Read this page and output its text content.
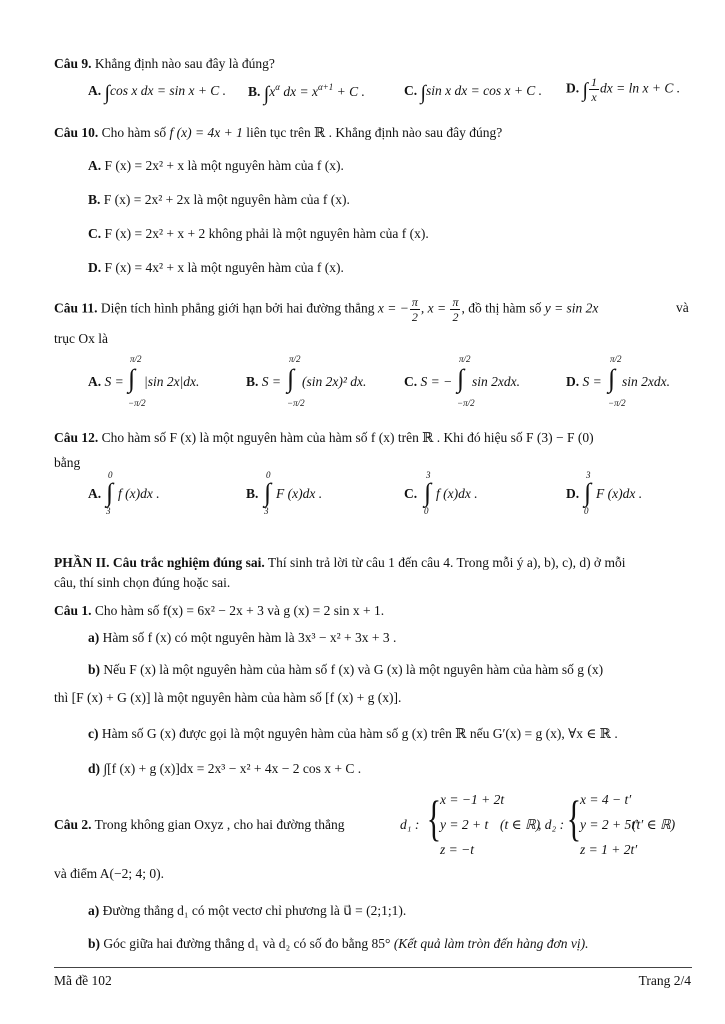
Câu 9. Khẳng định nào sau đây là đúng?
A. ∫cos x dx = sin x + C . B. $\int x^\alpha$ dx = $x^{\alpha+1} + C$ .	C. ∫sin x dx = cos x + C . D. ∫ $\frac{1}{x}$ dx = ln x + C .
Câu 10. Cho hàm số f (x) = 4x + 1 liên tục trên ℝ . Khẳng định nào sau đây đúng?
A. F (x) = 2x² + x là một nguyên hàm của f (x).
B. F (x) = 2x² + 2x là một nguyên hàm của f (x).
C. F (x) = 2x² + x + 2 không phải là một nguyên hàm của f (x).
D. F (x) = 4x² + x là một nguyên hàm của f (x).
Câu 11. Diện tích hình phẳng giới hạn bởi hai đường thẳng x = − $\frac{\pi}{2}$ , $x = \frac{\pi}{2}$ , đồ thị hàm số y = sin 2x	và
trục Ox là
A. S = ∫
π/2
−π/2
|sin 2x|dx.	B. S = ∫
π/2
−π/2
(sin 2x)² dx.	C. S = − ∫
π/2
−π/2
sin 2xdx.	D. S = ∫
π/2
−π/2
sin 2xdx.
Câu 12. Cho hàm số F (x) là một nguyên hàm của hàm số f (x) trên ℝ . Khi đó hiệu số F (3) − F (0)
bằng
A. ∫
0
3
f (x)dx .	B. ∫
0
3
F (x)dx .	C. ∫
3
0
f (x)dx .	D. ∫
3
0
F (x)dx .
PHẦN II. Câu trắc nghiệm đúng sai. Thí sinh trả lời từ câu 1 đến câu 4. Trong mỗi ý a), b), c), d) ở mỗi
câu, thí sinh chọn đúng hoặc sai.
Câu 1. Cho hàm số f(x) = 6x² − 2x + 3 và g (x) = 2 sin x + 1.
a) Hàm số f (x) có một nguyên hàm là 3x³ − x² + 3x + 3 .
b) Nếu F (x) là một nguyên hàm của hàm số f (x) và G (x) là một nguyên hàm của hàm số g (x)
thì [F (x) + G (x)] là một nguyên hàm của hàm số [f (x) + g (x)].
c) Hàm số G (x) được gọi là một nguyên hàm của hàm số g (x) trên ℝ nếu G′(x) = g (x), ∀x ∈ ℝ .
d) ∫[f (x) + g (x)]dx = 2x³ − x² + 4x − 2 cos x + C .
Câu 2. Trong không gian Oxyz , cho hai đường thẳng	d₁ : {
x = −1 + 2t
y = 2 + t
z = −t
(t ∈ ℝ)
, d₂ : {
x = 4 − t′
y = 2 + 5t′
z = 1 + 2t′
(t′ ∈ ℝ)
và điểm A(−2; 4; 0).
a) Đường thẳng d₁ có một vectơ chỉ phương là u⃗ = (2;1;1).
b) Góc giữa hai đường thẳng d₁ và d₂ có số đo bằng 85° (Kết quả làm tròn đến hàng đơn vị).
Mã đề 102	Trang 2/4
